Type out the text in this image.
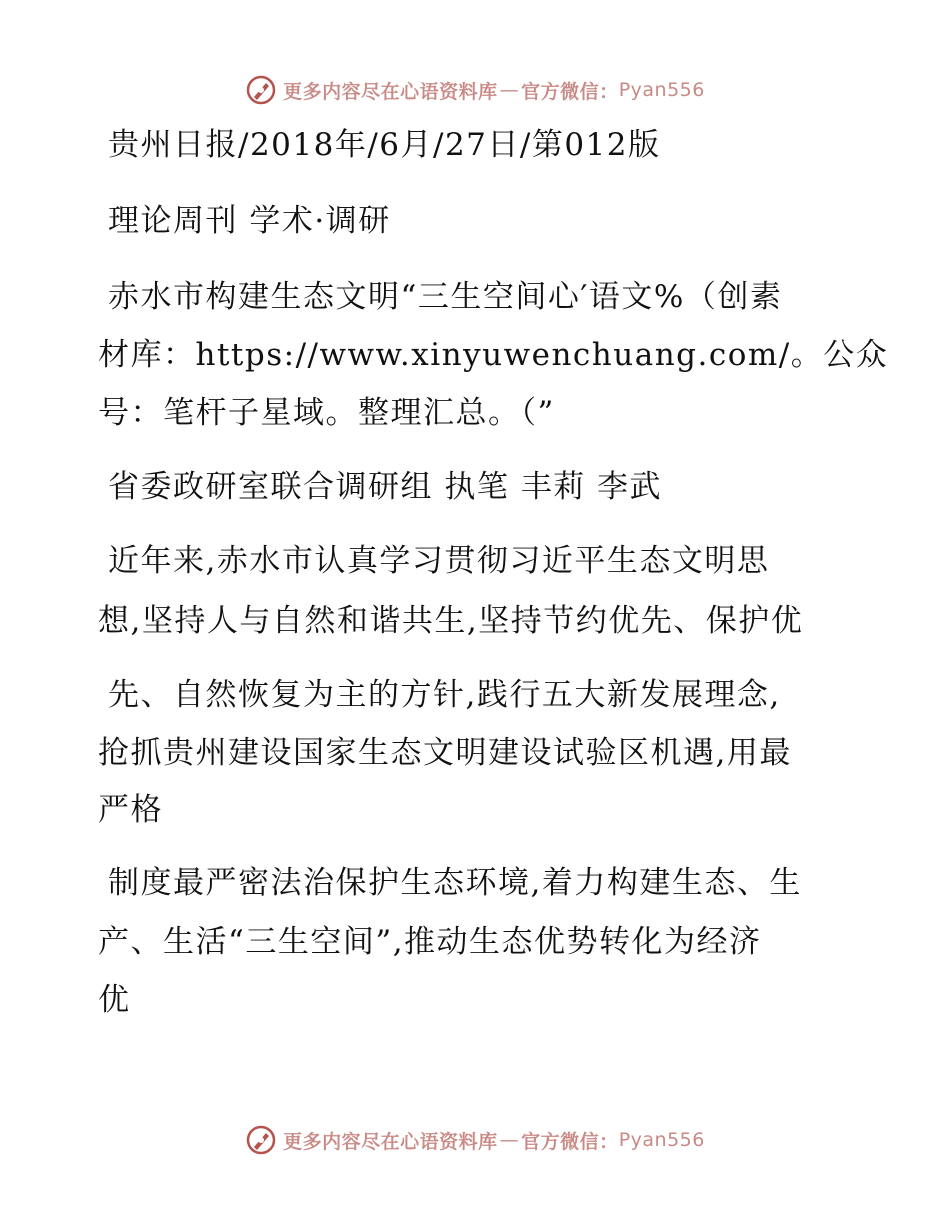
更多内容尽在心语资料库 — 官方微信： Pyan556
贵州日报/2018年/6月/27日/第012版
理论周刊 学术·调研
赤水市构建生态文明“三生空间心′语文%（创素
材库：https://www.xinyuwenchuang.com/。公众
号：笔杆子星域。整理汇总。（”
省委政研室联合调研组 执笔 丰莉 李武
近年来,赤水市认真学习贯彻习近平生态文明思
想,坚持人与自然和谐共生,坚持节约优先、保护优
先、自然恢复为主的方针,践行五大新发展理念,
抢抓贵州建设国家生态文明建设试验区机遇,用最
严格
制度最严密法治保护生态环境,着力构建生态、生
产、生活“三生空间”,推动生态优势转化为经济
优
更多内容尽在心语资料库 — 官方微信： Pyan556
